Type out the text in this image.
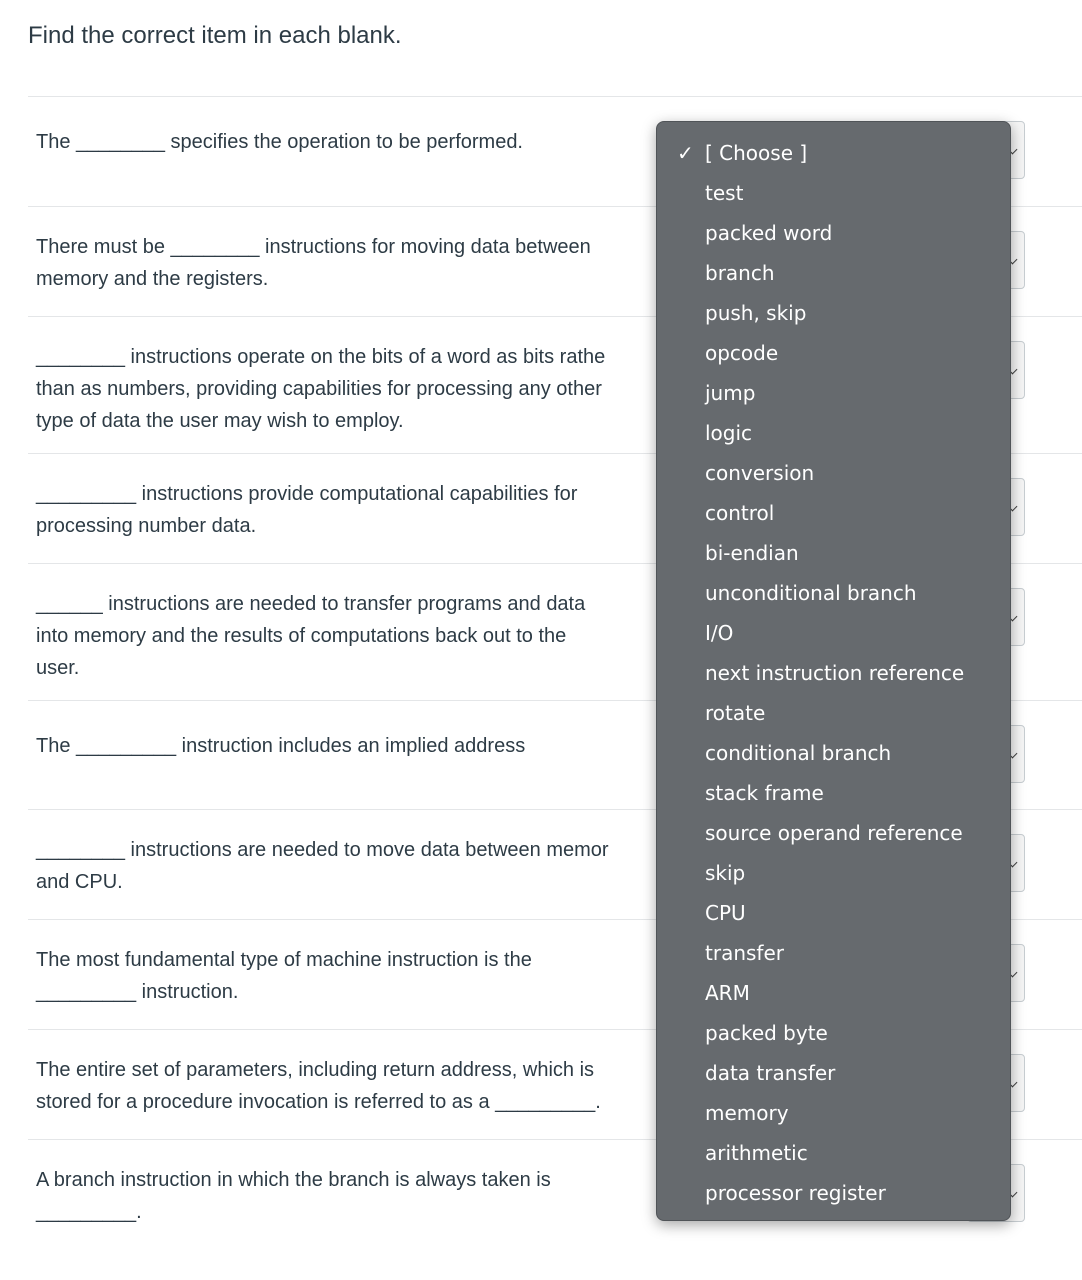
Find the correct item in each blank.
The ________ specifies the operation to be performed.
There must be ________ instructions for moving data between
memory and the registers.
________ instructions operate on the bits of a word as bits rathe
than as numbers, providing capabilities for processing any other
type of data the user may wish to employ.
_________ instructions provide computational capabilities for
processing number data.
______ instructions are needed to transfer programs and data
into memory and the results of computations back out to the
user.
The _________ instruction includes an implied address
________ instructions are needed to move data between memor
and CPU.
The most fundamental type of machine instruction is the
_________ instruction.
The entire set of parameters, including return address, which is
stored for a procedure invocation is referred to as a _________.
A branch instruction in which the branch is always taken is
_________.
✓ [ Choose ]
test
packed word
branch
push, skip
opcode
jump
logic
conversion
control
bi-endian
unconditional branch
I/O
next instruction reference
rotate
conditional branch
stack frame
source operand reference
skip
CPU
transfer
ARM
packed byte
data transfer
memory
arithmetic
processor register
